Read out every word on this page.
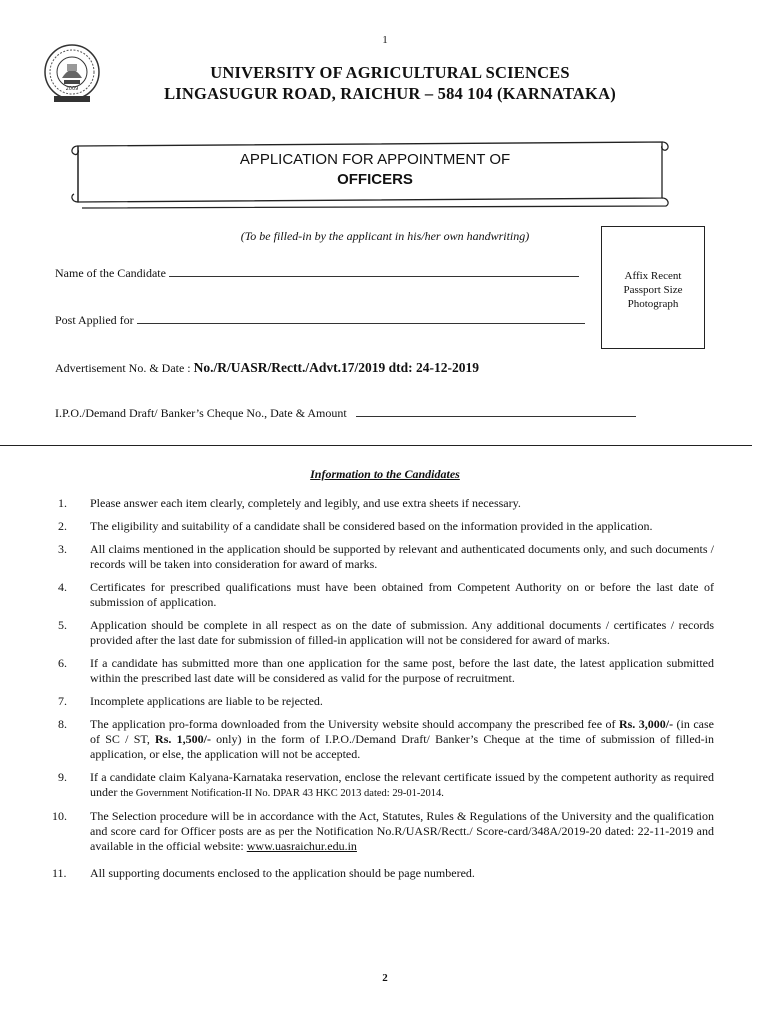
1
2009
UNIVERSITY OF AGRICULTURAL SCIENCES
LINGASUGUR ROAD, RAICHUR – 584 104 (KARNATAKA)
APPLICATION FOR APPOINTMENT OF
OFFICERS
(To be filled-in by the applicant in his/her own handwriting)
Affix Recent
Passport Size
Photograph
Name of the Candidate
Post Applied for
Advertisement No. & Date : No./R/UASR/Rectt./Advt.17/2019 dtd: 24-12-2019
I.P.O./Demand Draft/ Banker’s Cheque No., Date & Amount
Information to the Candidates
1. Please answer each item clearly, completely and legibly, and use extra sheets if necessary.
2. The eligibility and suitability of a candidate shall be considered based on the information provided in the application.
3. All claims mentioned in the application should be supported by relevant and authenticated documents only, and such documents / records will be taken into consideration for award of marks.
4. Certificates for prescribed qualifications must have been obtained from Competent Authority on or before the last date of submission of application.
5. Application should be complete in all respect as on the date of submission. Any additional documents / certificates / records provided after the last date for submission of filled-in application will not be considered for award of marks.
6. If a candidate has submitted more than one application for the same post, before the last date, the latest application submitted within the prescribed last date will be considered as valid for the purpose of recruitment.
7. Incomplete applications are liable to be rejected.
8. The application pro-forma downloaded from the University website should accompany the prescribed fee of Rs. 3,000/- (in case of SC / ST, Rs. 1,500/- only) in the form of I.P.O./Demand Draft/ Banker’s Cheque at the time of submission of filled-in application, or else, the application will not be accepted.
9. If a candidate claim Kalyana-Karnataka reservation, enclose the relevant certificate issued by the competent authority as required under the Government Notification-II No. DPAR 43 HKC 2013 dated: 29-01-2014.
10. The Selection procedure will be in accordance with the Act, Statutes, Rules & Regulations of the University and the qualification and score card for Officer posts are as per the Notification No.R/UASR/Rectt./ Score-card/348A/2019-20 dated: 22-11-2019 and available in the official website: www.uasraichur.edu.in
11. All supporting documents enclosed to the application should be page numbered.
2
